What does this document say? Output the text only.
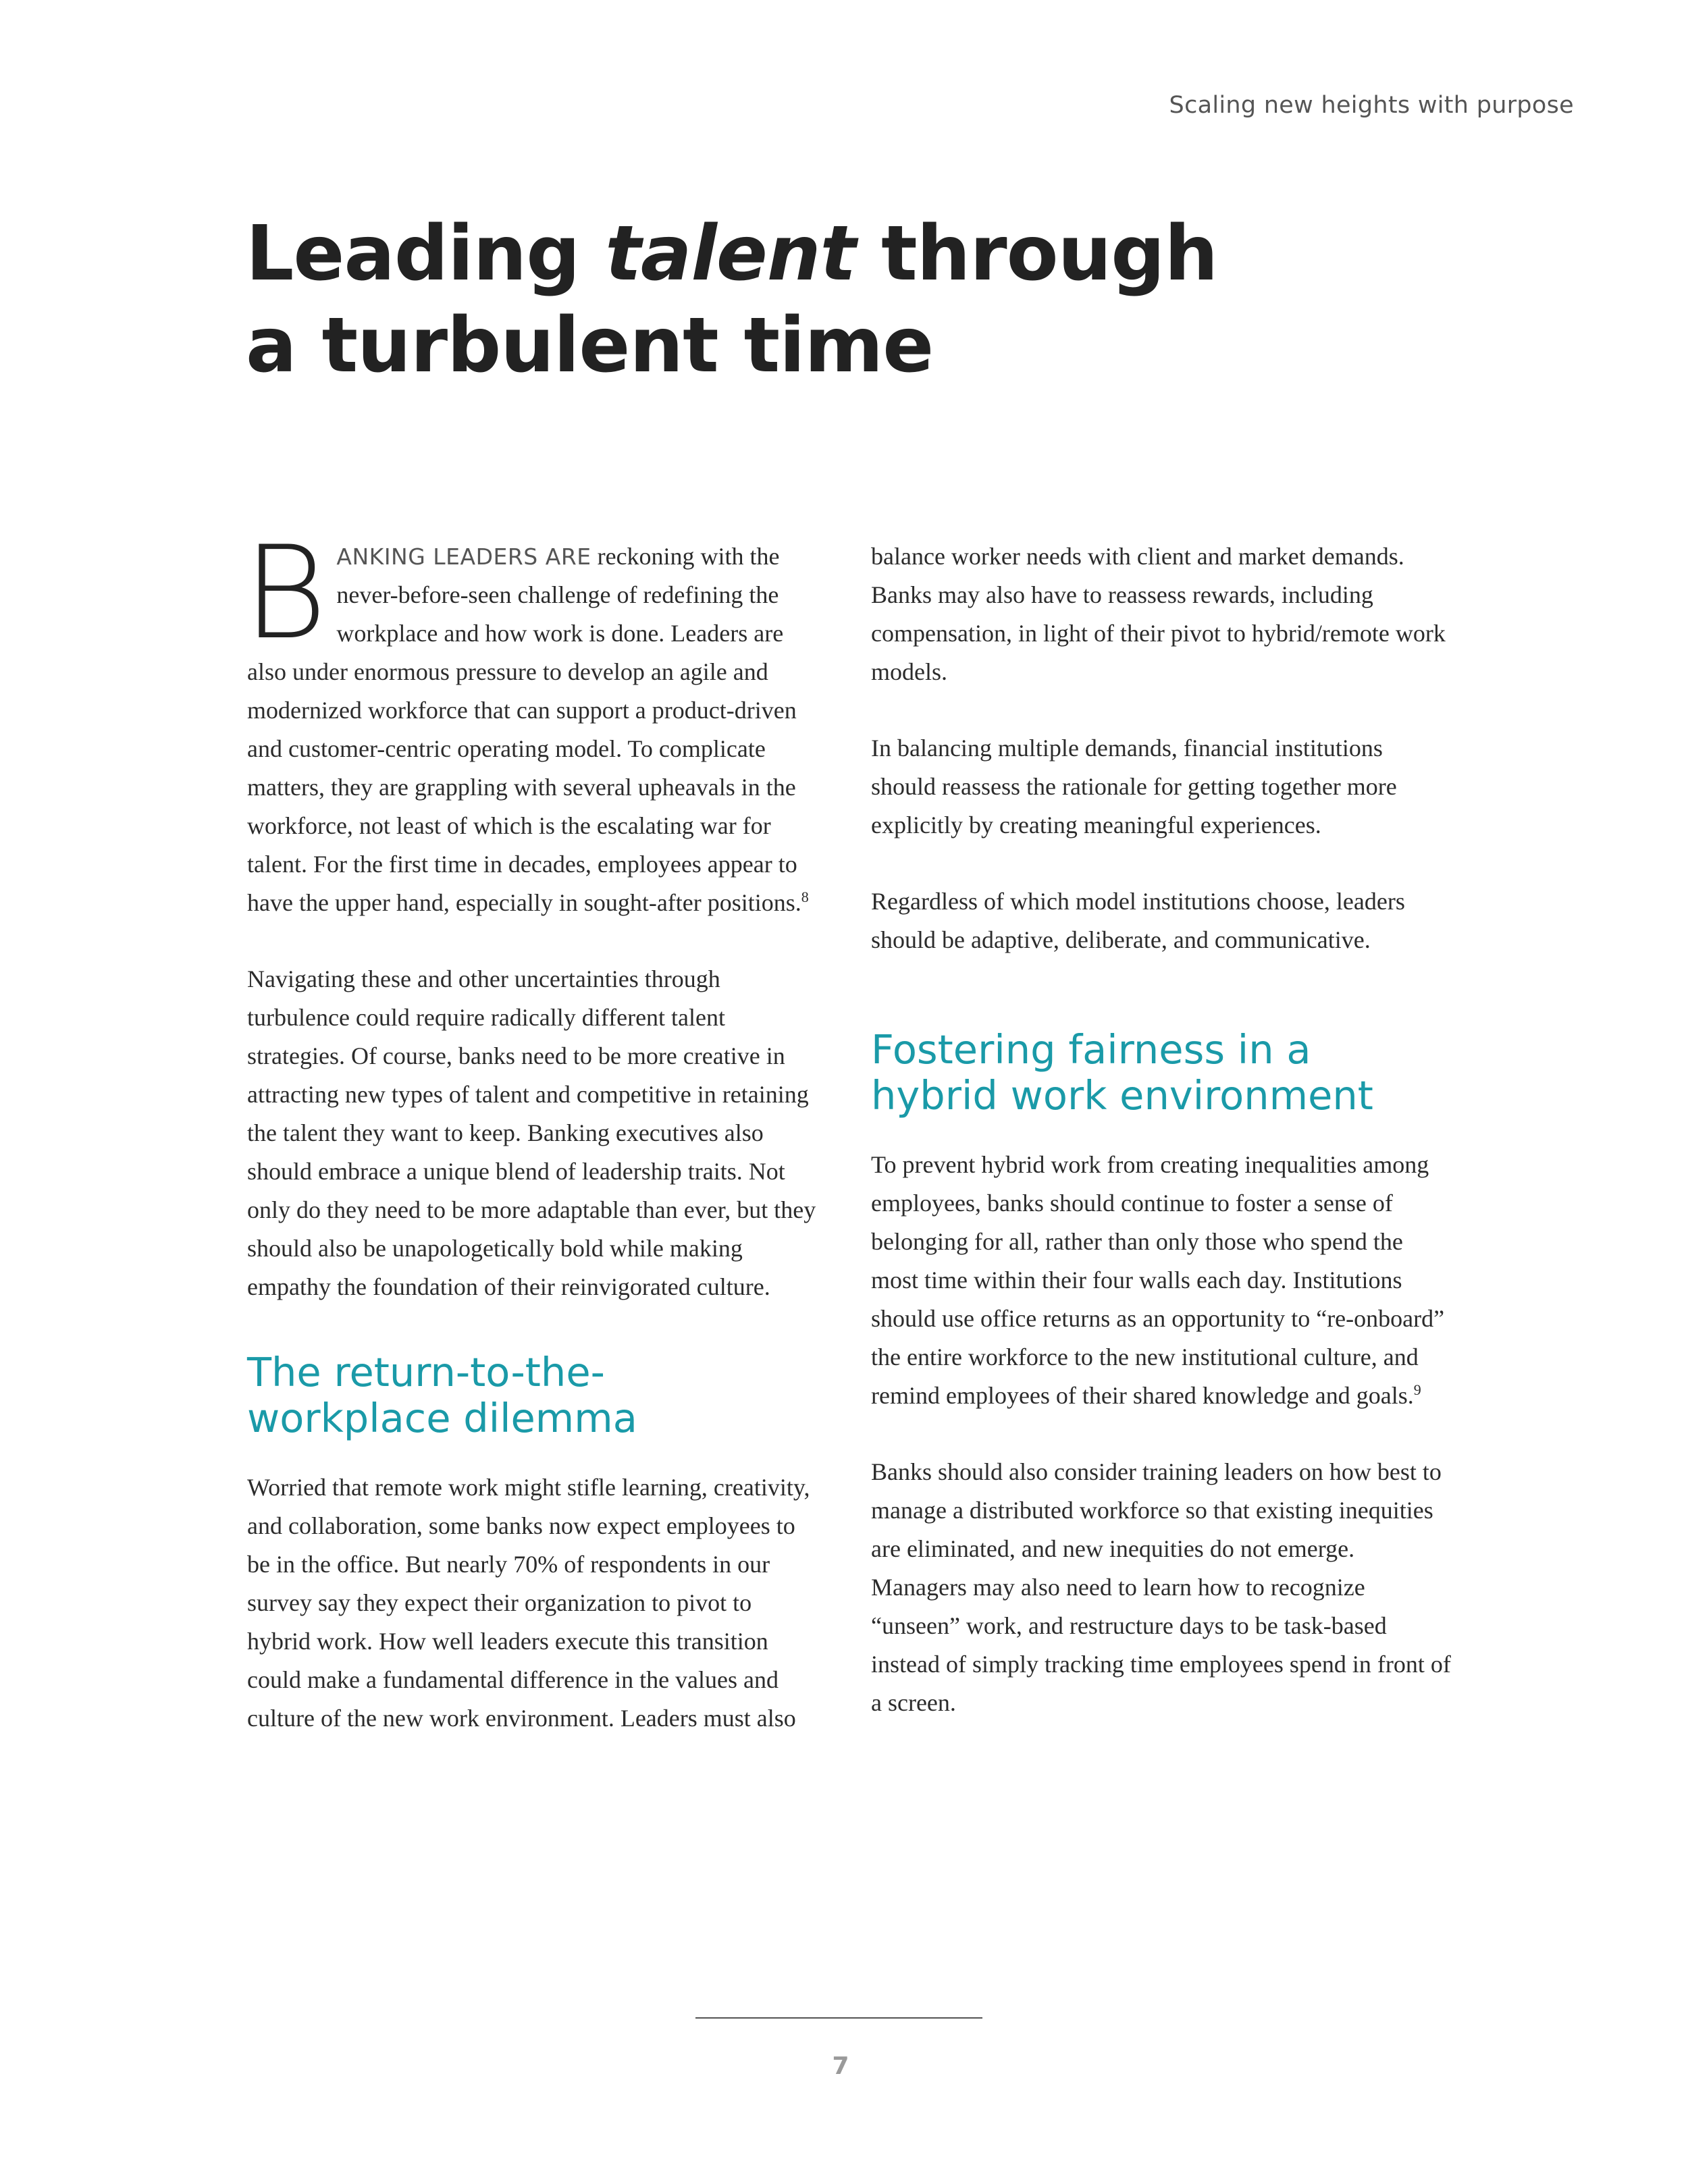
Scaling new heights with purpose
Leading talent through
a turbulent time

BANKING LEADERS ARE reckoning with the never-before-seen challenge of redefining the workplace and how work is done. Leaders are also under enormous pressure to develop an agile and modernized workforce that can support a product-driven and customer-centric operating model. To complicate matters, they are grappling with several upheavals in the workforce, not least of which is the escalating war for talent. For the first time in decades, employees appear to have the upper hand, especially in sought-after positions.$^8$

Navigating these and other uncertainties through turbulence could require radically different talent strategies. Of course, banks need to be more creative in attracting new types of talent and competitive in retaining the talent they want to keep. Banking executives also should embrace a unique blend of leadership traits. Not only do they need to be more adaptable than ever, but they should also be unapologetically bold while making empathy the foundation of their reinvigorated culture.

The return-to-the-
workplace dilemma

Worried that remote work might stifle learning, creativity, and collaboration, some banks now expect employees to be in the office. But nearly 70% of respondents in our survey say they expect their organization to pivot to hybrid work. How well leaders execute this transition could make a fundamental difference in the values and culture of the new work environment. Leaders must also

balance worker needs with client and market demands. Banks may also have to reassess rewards, including compensation, in light of their pivot to hybrid/remote work models.

In balancing multiple demands, financial institutions should reassess the rationale for getting together more explicitly by creating meaningful experiences.

Regardless of which model institutions choose, leaders should be adaptive, deliberate, and communicative.

Fostering fairness in a
hybrid work environment

To prevent hybrid work from creating inequalities among employees, banks should continue to foster a sense of belonging for all, rather than only those who spend the most time within their four walls each day. Institutions should use office returns as an opportunity to “re-onboard” the entire workforce to the new institutional culture, and remind employees of their shared knowledge and goals.$^9$

Banks should also consider training leaders on how best to manage a distributed workforce so that existing inequities are eliminated, and new inequities do not emerge. Managers may also need to learn how to recognize “unseen” work, and restructure days to be task-based instead of simply tracking time employees spend in front of a screen.

7
